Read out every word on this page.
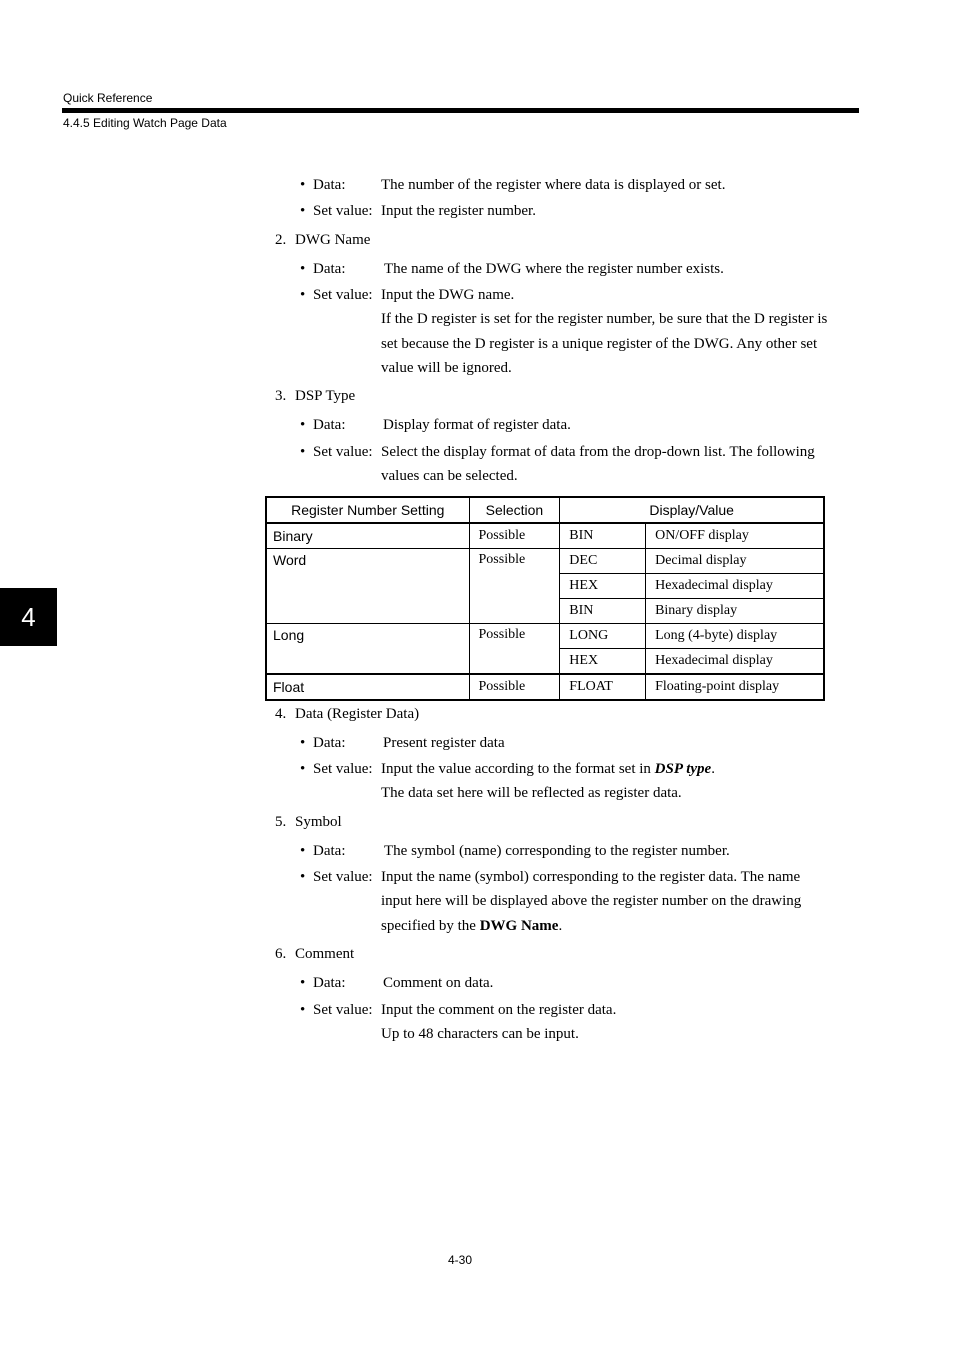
Quick Reference
4.4.5 Editing Watch Page Data
4
• Data: The number of the register where data is displayed or set.
• Set value: Input the register number.
2. DWG Name
• Data:	The name of the DWG where the register number exists.
• Set value: Input the DWG name.
If the D register is set for the register number, be sure that the D register is
set because the D register is a unique register of the DWG. Any other set
value will be ignored.
3. DSP Type
• Data:	Display format of register data.
• Set value: Select the display format of data from the drop-down list. The following
values can be selected.
Register Number Setting	Selection	Display/Value	
Binary	Possible	BIN	ON/OFF display
Word	Possible	DEC	Decimal display
		HEX	Hexadecimal display
		BIN	Binary display
Long	Possible	LONG	Long (4-byte) display
		HEX	Hexadecimal display
Float	Possible	FLOAT	Floating-point display
4. Data (Register Data)
• Data:	Present register data
• Set value: Input the value according to the format set in DSP type.
The data set here will be reflected as register data.
5. Symbol
• Data:	The symbol (name) corresponding to the register number.
• Set value: Input the name (symbol) corresponding to the register data. The name
input here will be displayed above the register number on the drawing
specified by the DWG Name.
6. Comment
• Data:	Comment on data.
• Set value: Input the comment on the register data.
Up to 48 characters can be input.
4-30
